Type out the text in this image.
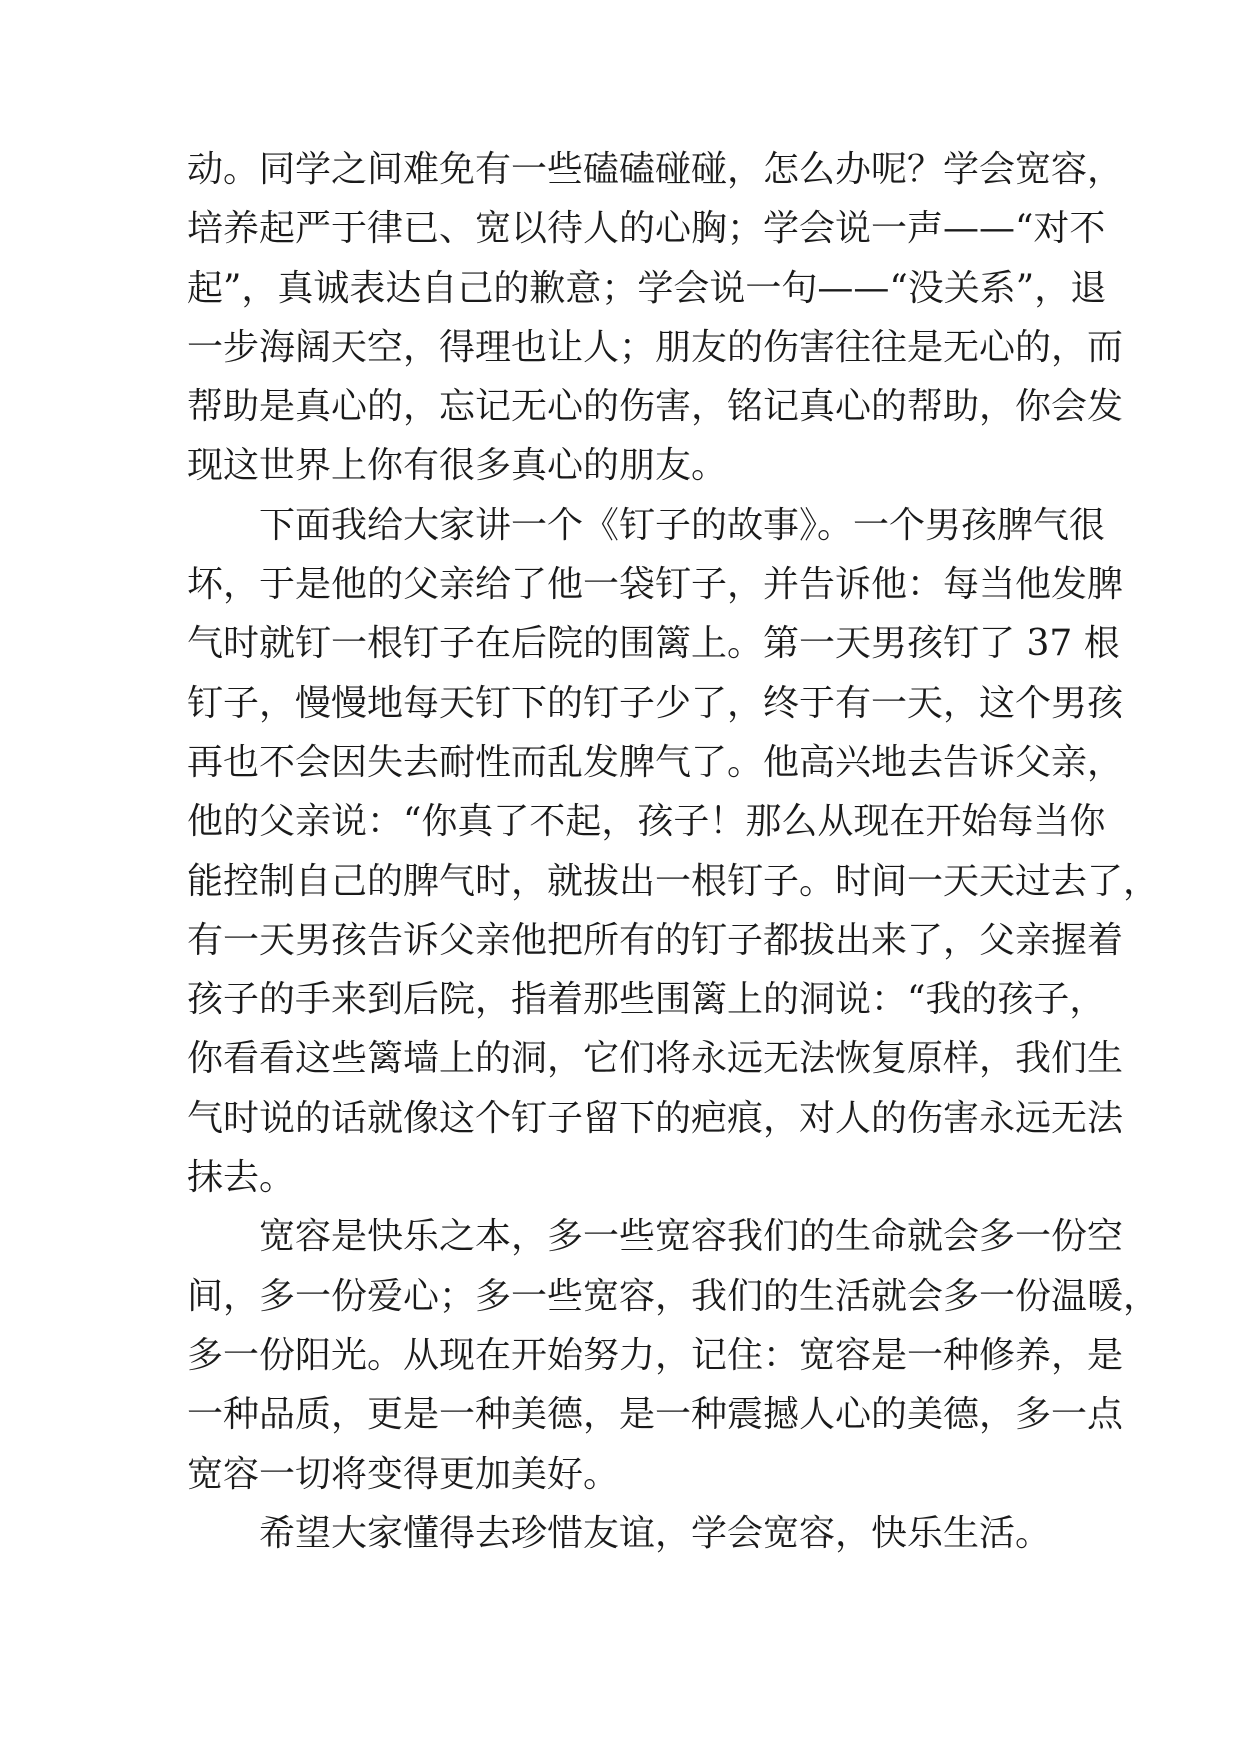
动。同学之间难免有一些磕磕碰碰，怎么办呢？学会宽容，
培养起严于律已、宽以待人的心胸；学会说一声——“对不
起”，真诚表达自己的歉意；学会说一句——“没关系”，退
一步海阔天空，得理也让人；朋友的伤害往往是无心的，而
帮助是真心的，忘记无心的伤害，铭记真心的帮助，你会发
现这世界上你有很多真心的朋友。
下面我给大家讲一个《钉子的故事》。一个男孩脾气很
坏，于是他的父亲给了他一袋钉子，并告诉他：每当他发脾
气时就钉一根钉子在后院的围篱上。第一天男孩钉了 37 根
钉子，慢慢地每天钉下的钉子少了，终于有一天，这个男孩
再也不会因失去耐性而乱发脾气了。他高兴地去告诉父亲，
他的父亲说：“你真了不起，孩子！那么从现在开始每当你
能控制自己的脾气时，就拔出一根钉子。时间一天天过去了，
有一天男孩告诉父亲他把所有的钉子都拔出来了，父亲握着
孩子的手来到后院，指着那些围篱上的洞说：“我的孩子，
你看看这些篱墙上的洞，它们将永远无法恢复原样，我们生
气时说的话就像这个钉子留下的疤痕，对人的伤害永远无法
抹去。
宽容是快乐之本，多一些宽容我们的生命就会多一份空
间，多一份爱心；多一些宽容，我们的生活就会多一份温暖，
多一份阳光。从现在开始努力，记住：宽容是一种修养，是
一种品质，更是一种美德，是一种震撼人心的美德，多一点
宽容一切将变得更加美好。
希望大家懂得去珍惜友谊，学会宽容，快乐生活。
